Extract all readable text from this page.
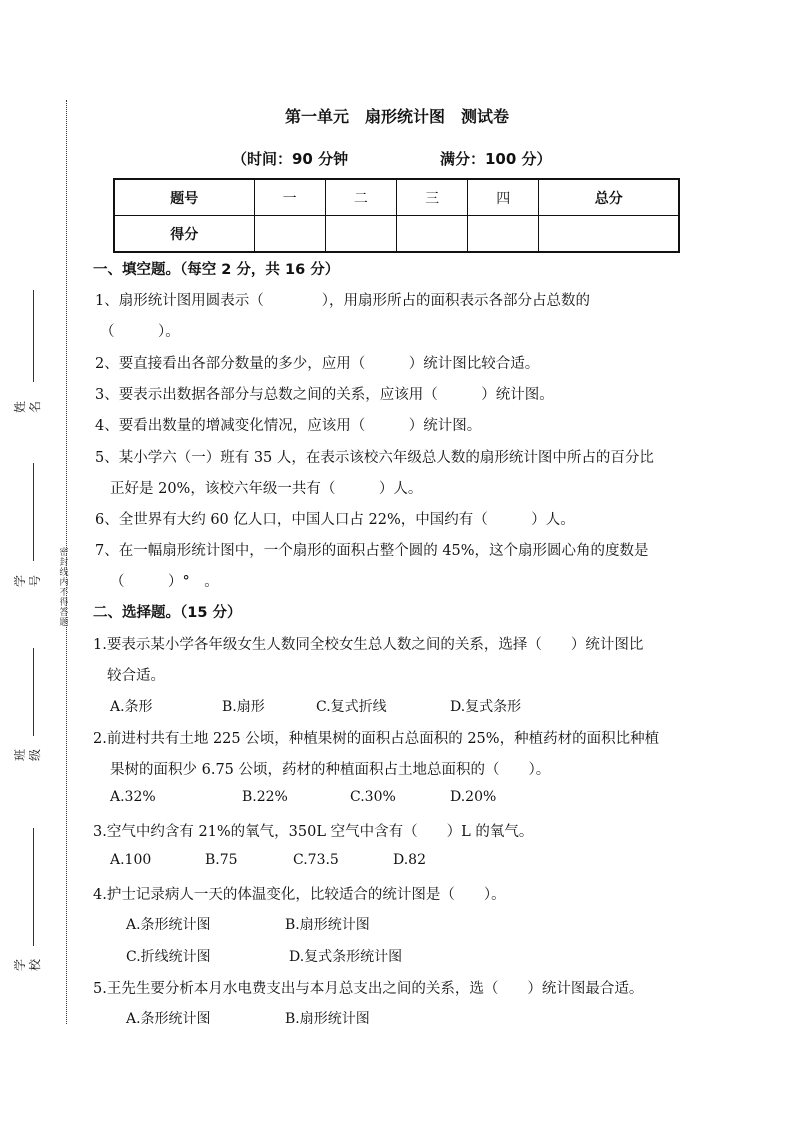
密封线内不得答题
姓名
学号
班级
学校
第一单元　扇形统计图　测试卷
（时间：90 分钟	满分：100 分）
题号	一	二	三	四	总分
得分					
一、填空题。（每空 2 分，共 16 分）
1、扇形统计图用圆表示（　　　　），用扇形所占的面积表示各部分占总数的
（　　　）。
2、要直接看出各部分数量的多少，应用（　　　）统计图比较合适。
3、要表示出数据各部分与总数之间的关系，应该用（　　　）统计图。
4、要看出数量的增减变化情况，应该用（　　　）统计图。
5、某小学六（一）班有 35 人，在表示该校六年级总人数的扇形统计图中所占的百分比
正好是 20%，该校六年级一共有（　　　）人。
6、全世界有大约 60 亿人口，中国人口占 22%，中国约有（　　　）人。
7、在一幅扇形统计图中，一个扇形的面积占整个圆的 45%，这个扇形圆心角的度数是
（　　　）°　。
二、选择题。（15 分）
1.要表示某小学各年级女生人数同全校女生总人数之间的关系，选择（　　）统计图比
较合适。
A.条形	B.扇形	C.复式折线	D.复式条形
2.前进村共有土地 225 公顷，种植果树的面积占总面积的 25%，种植药材的面积比种植
果树的面积少 6.75 公顷，药材的种植面积占土地总面积的（　　）。
A.32%	B.22%	C.30%	D.20%
3.空气中约含有 21%的氧气，350L 空气中含有（　　）L 的氧气。
A.100	B.75	C.73.5	D.82
4.护士记录病人一天的体温变化，比较适合的统计图是（　　）。
A.条形统计图	B.扇形统计图
C.折线统计图	D.复式条形统计图
5.王先生要分析本月水电费支出与本月总支出之间的关系，选（　　）统计图最合适。
A.条形统计图	B.扇形统计图
